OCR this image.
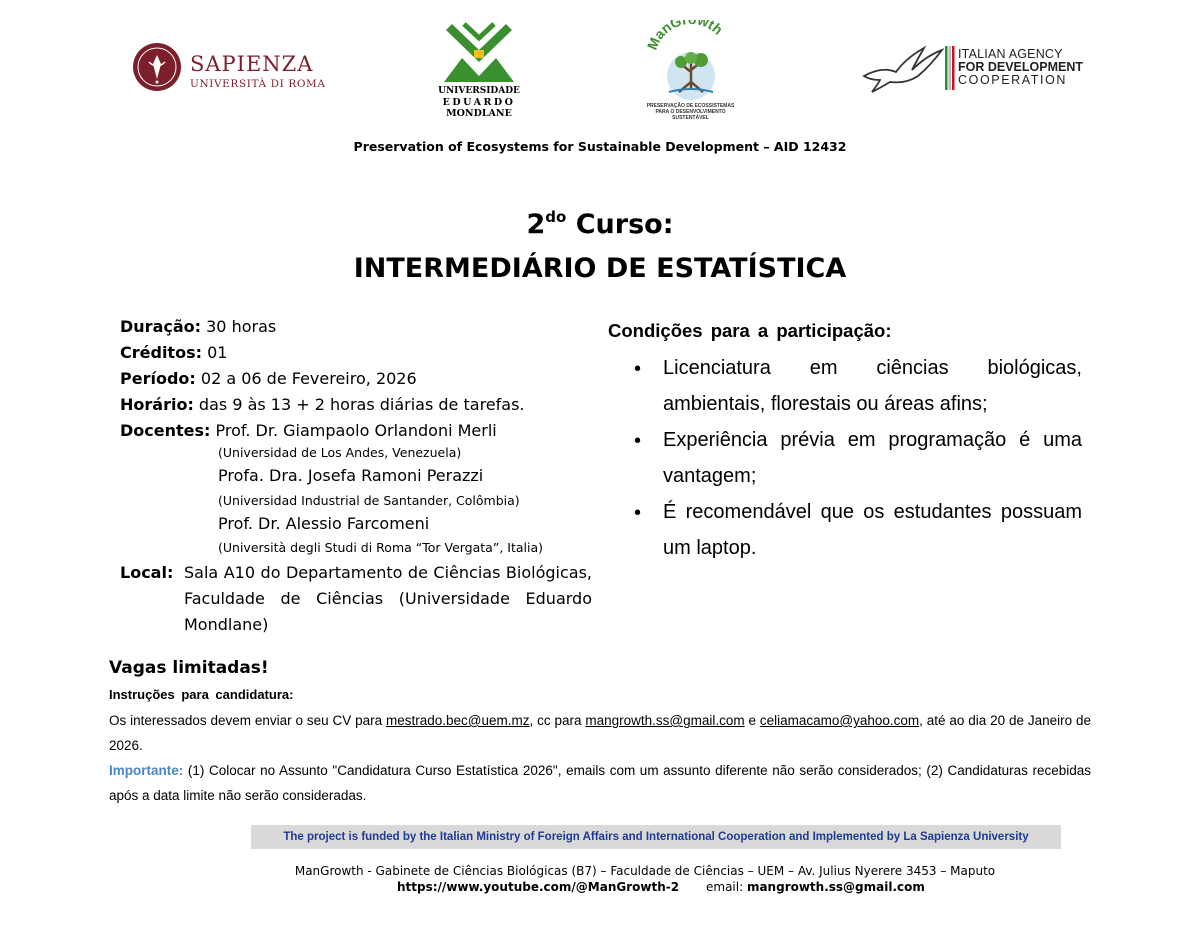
SAPIENZA
UNIVERSITÀ DI ROMA
UNIVERSIDADE
EDUARDO
MONDLANE
ManG wth
PRESERVAÇÃO DE ECOSSISTEMAS
PARA O DESENVOLVIMENTO SUSTENTÁVEL
ITALIAN AGENCY
FOR DEVELOPMENT
COOPERATION
Preservation of Ecosystems for Sustainable Development – AID 12432
$2^{do}$ Curso:
INTERMEDIÁRIO DE ESTATÍSTICA
Duração: 30 horas
Créditos: 01
Período: 02 a 06 de Fevereiro, 2026
Horário: das 9 às 13 + 2 horas diárias de tarefas.
Docentes: Prof. Dr. Giampaolo Orlandoni Merli
(Universidad de Los Andes, Venezuela)
Profa. Dra. Josefa Ramoni Perazzi
(Universidad Industrial de Santander, Colômbia)
Prof. Dr. Alessio Farcomeni
(Università degli Studi di Roma “Tor Vergata”, Italia)
Local: Sala A10 do Departamento de Ciências Biológicas, Faculdade de Ciências (Universidade Eduardo Mondlane)
Condições para a participação:
• Licenciatura em ciências biológicas, ambientais, florestais ou áreas afins;
• Experiência prévia em programação é uma vantagem;
• É recomendável que os estudantes possuam um laptop.
Vagas limitadas!
Instruções para candidatura:
Os interessados devem enviar o seu CV para mestrado.bec@uem.mz, cc para mangrowth.ss@gmail.com e celiamacamo@yahoo.com, até ao dia 20 de Janeiro de 2026.
Importante: (1) Colocar no Assunto "Candidatura Curso Estatística 2026", emails com um assunto diferente não serão considerados; (2) Candidaturas recebidas após a data limite não serão consideradas.
The project is funded by the Italian Ministry of Foreign Affairs and International Cooperation and Implemented by La Sapienza University
ManGrowth - Gabinete de Ciências Biológicas (B7) – Faculdade de Ciências – UEM – Av. Julius Nyerere 3453 – Maputo
https://www.youtube.com/@ManGrowth-2 email: mangrowth.ss@gmail.com
